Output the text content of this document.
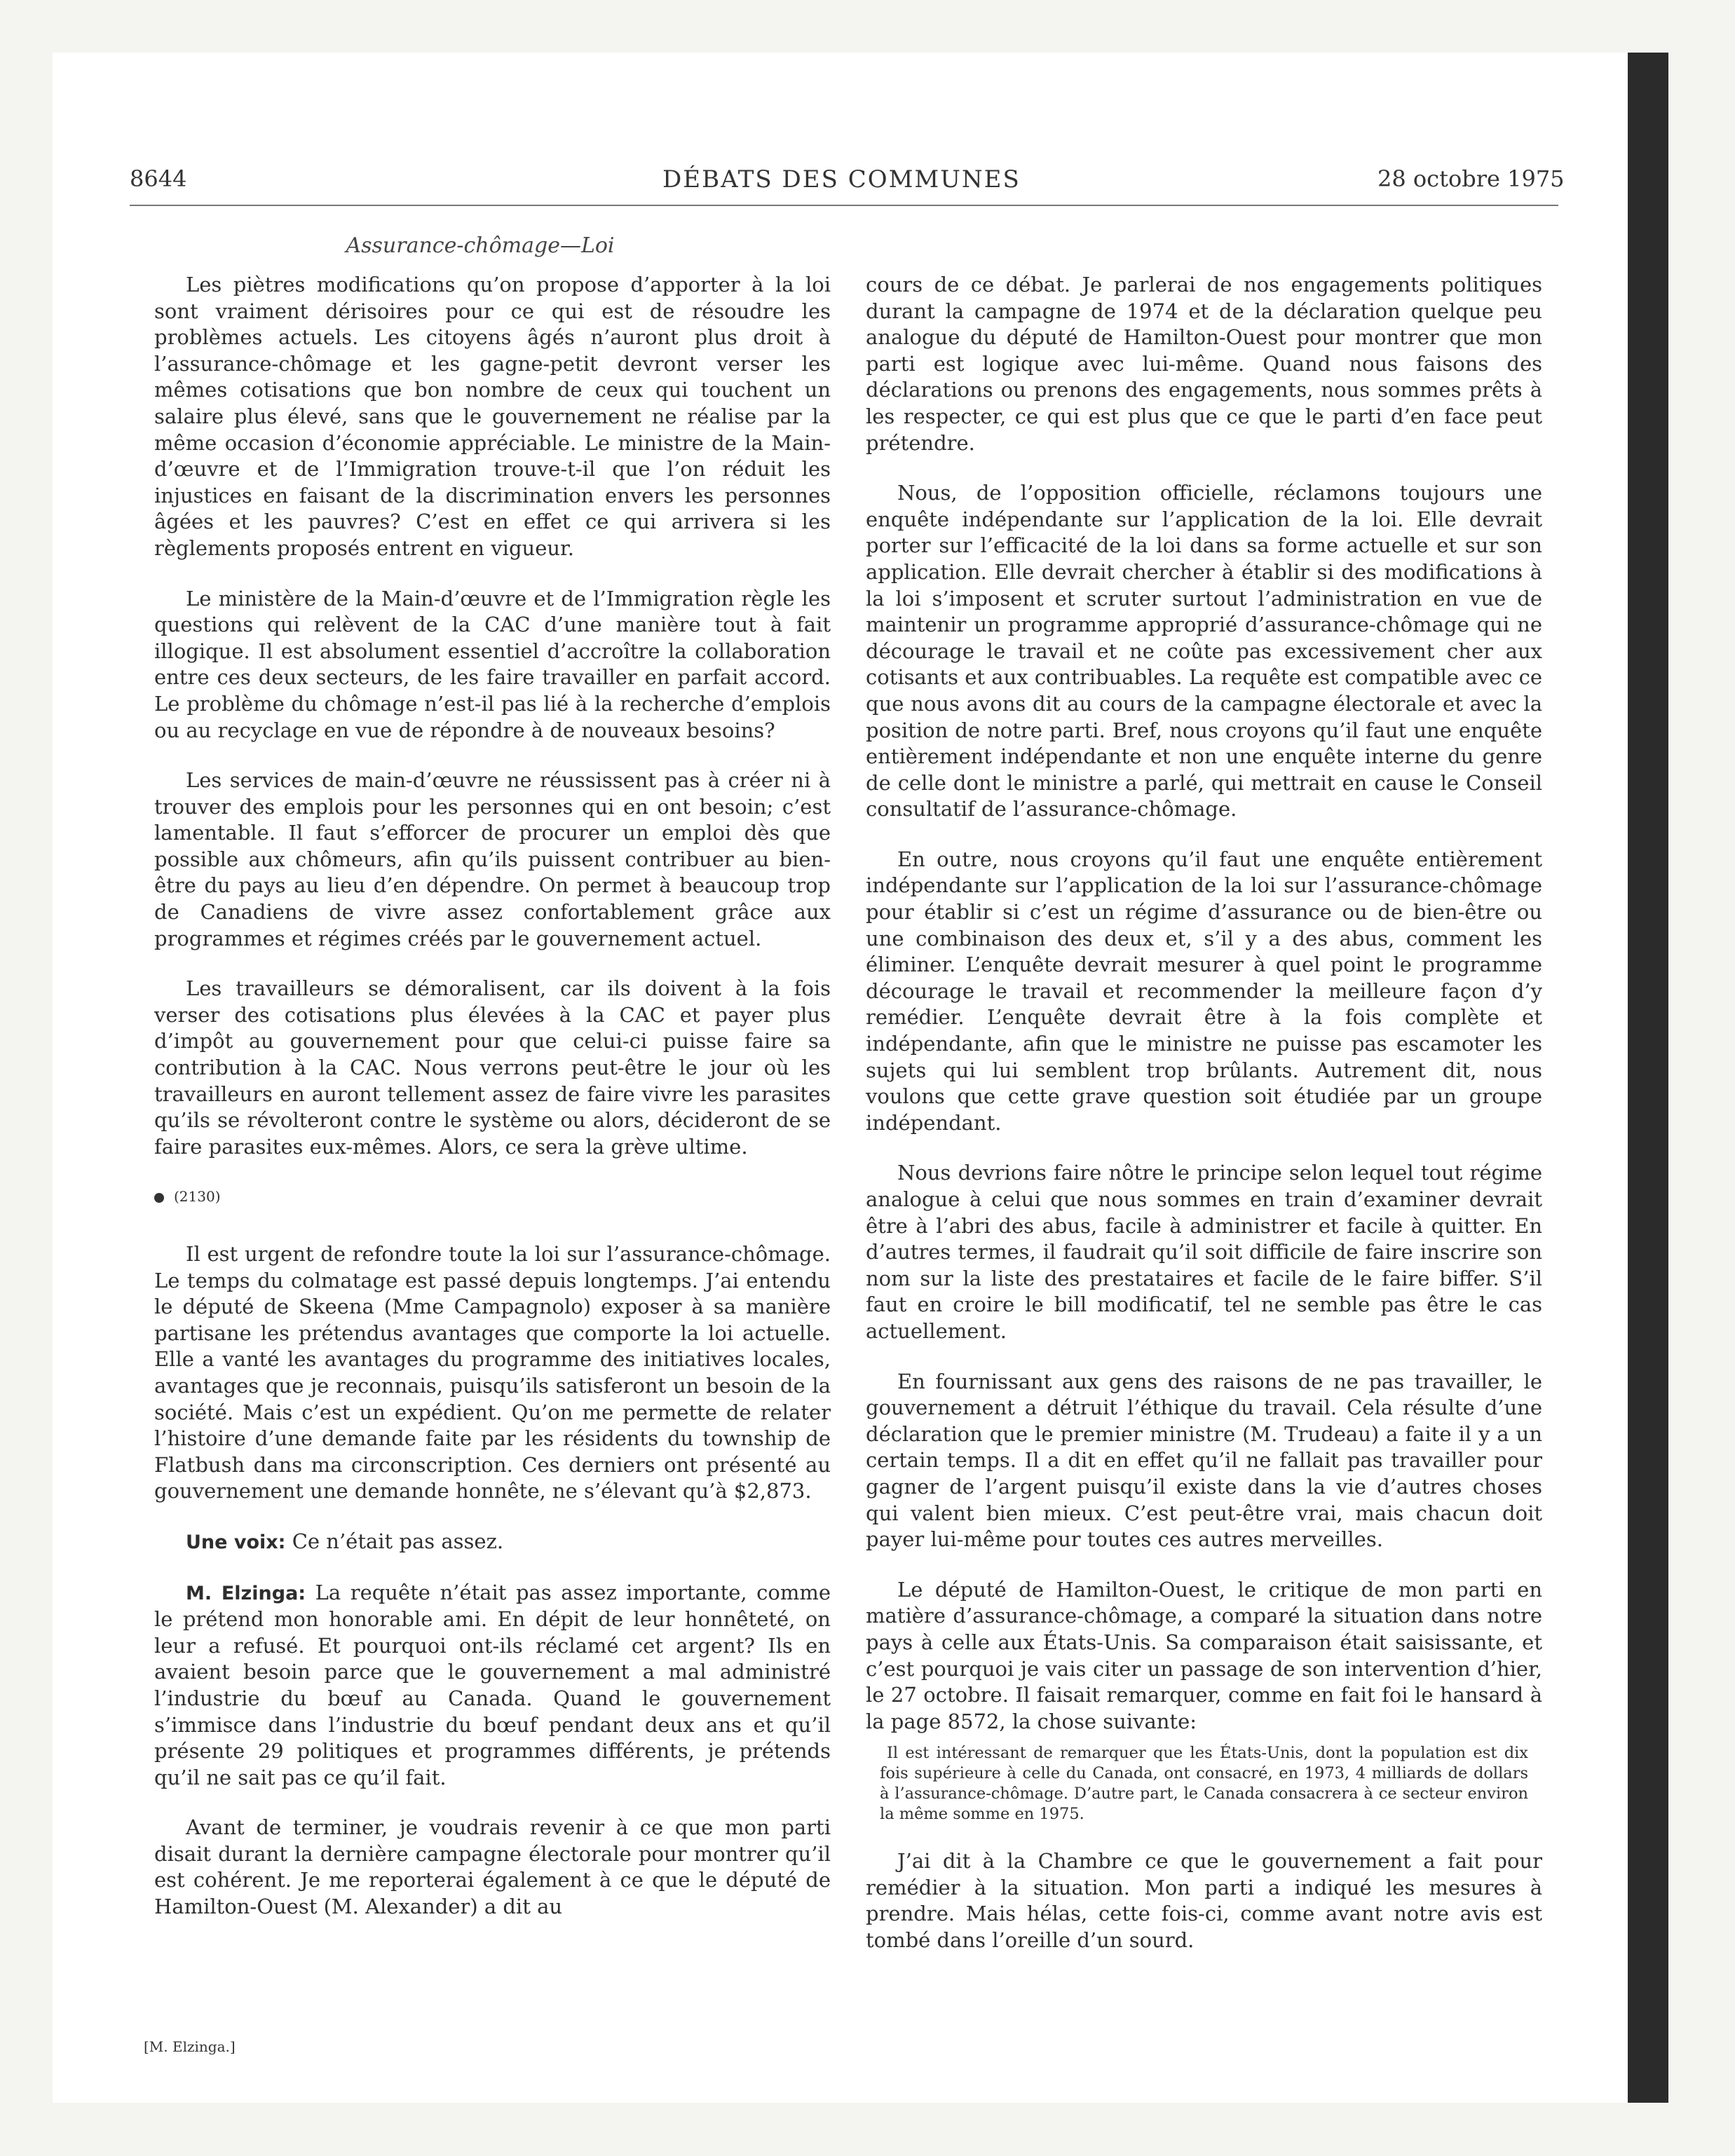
8644	DÉBATS DES COMMUNES	28 octobre 1975
Assurance-chômage—Loi

Les piètres modifications qu’on propose d’apporter à la loi sont vraiment dérisoires pour ce qui est de résoudre les problèmes actuels. Les citoyens âgés n’auront plus droit à l’assurance-chômage et les gagne-petit devront verser les mêmes cotisations que bon nombre de ceux qui touchent un salaire plus élevé, sans que le gouvernement ne réalise par la même occasion d’économie appréciable. Le ministre de la Main-d’œuvre et de l’Immigration trouve-t-il que l’on réduit les injustices en faisant de la discrimination envers les personnes âgées et les pauvres? C’est en effet ce qui arrivera si les règlements proposés entrent en vigueur.

Le ministère de la Main-d’œuvre et de l’Immigration règle les questions qui relèvent de la CAC d’une manière tout à fait illogique. Il est absolument essentiel d’accroître la collaboration entre ces deux secteurs, de les faire travailler en parfait accord. Le problème du chômage n’est-il pas lié à la recherche d’emplois ou au recyclage en vue de répondre à de nouveaux besoins?

Les services de main-d’œuvre ne réussissent pas à créer ni à trouver des emplois pour les personnes qui en ont besoin; c’est lamentable. Il faut s’efforcer de procurer un emploi dès que possible aux chômeurs, afin qu’ils puissent contribuer au bien-être du pays au lieu d’en dépendre. On permet à beaucoup trop de Canadiens de vivre assez confortablement grâce aux programmes et régimes créés par le gouvernement actuel.

Les travailleurs se démoralisent, car ils doivent à la fois verser des cotisations plus élevées à la CAC et payer plus d’impôt au gouvernement pour que celui-ci puisse faire sa contribution à la CAC. Nous verrons peut-être le jour où les travailleurs en auront tellement assez de faire vivre les parasites qu’ils se révolteront contre le système ou alors, décideront de se faire parasites eux-mêmes. Alors, ce sera la grève ultime.

(2130)

Il est urgent de refondre toute la loi sur l’assurance-chômage. Le temps du colmatage est passé depuis longtemps. J’ai entendu le député de Skeena (Mme Campagnolo) exposer à sa manière partisane les prétendus avantages que comporte la loi actuelle. Elle a vanté les avantages du programme des initiatives locales, avantages que je reconnais, puisqu’ils satisferont un besoin de la société. Mais c’est un expédient. Qu’on me permette de relater l’histoire d’une demande faite par les résidents du township de Flatbush dans ma circonscription. Ces derniers ont présenté au gouvernement une demande honnête, ne s’élevant qu’à $2,873.

Une voix: Ce n’était pas assez.

M. Elzinga: La requête n’était pas assez importante, comme le prétend mon honorable ami. En dépit de leur honnêteté, on leur a refusé. Et pourquoi ont-ils réclamé cet argent? Ils en avaient besoin parce que le gouvernement a mal administré l’industrie du bœuf au Canada. Quand le gouvernement s’immisce dans l’industrie du bœuf pendant deux ans et qu’il présente 29 politiques et programmes différents, je prétends qu’il ne sait pas ce qu’il fait.

Avant de terminer, je voudrais revenir à ce que mon parti disait durant la dernière campagne électorale pour montrer qu’il est cohérent. Je me reporterai également à ce que le député de Hamilton-Ouest (M. Alexander) a dit au

[M. Elzinga.]

cours de ce débat. Je parlerai de nos engagements politiques durant la campagne de 1974 et de la déclaration quelque peu analogue du député de Hamilton-Ouest pour montrer que mon parti est logique avec lui-même. Quand nous faisons des déclarations ou prenons des engagements, nous sommes prêts à les respecter, ce qui est plus que ce que le parti d’en face peut prétendre.

Nous, de l’opposition officielle, réclamons toujours une enquête indépendante sur l’application de la loi. Elle devrait porter sur l’efficacité de la loi dans sa forme actuelle et sur son application. Elle devrait chercher à établir si des modifications à la loi s’imposent et scruter surtout l’administration en vue de maintenir un programme approprié d’assurance-chômage qui ne décourage le travail et ne coûte pas excessivement cher aux cotisants et aux contribuables. La requête est compatible avec ce que nous avons dit au cours de la campagne électorale et avec la position de notre parti. Bref, nous croyons qu’il faut une enquête entièrement indépendante et non une enquête interne du genre de celle dont le ministre a parlé, qui mettrait en cause le Conseil consultatif de l’assurance-chômage.

En outre, nous croyons qu’il faut une enquête entièrement indépendante sur l’application de la loi sur l’assurance-chômage pour établir si c’est un régime d’assurance ou de bien-être ou une combinaison des deux et, s’il y a des abus, comment les éliminer. L’enquête devrait mesurer à quel point le programme décourage le travail et recommender la meilleure façon d’y remédier. L’enquête devrait être à la fois complète et indépendante, afin que le ministre ne puisse pas escamoter les sujets qui lui semblent trop brûlants. Autrement dit, nous voulons que cette grave question soit étudiée par un groupe indépendant.

Nous devrions faire nôtre le principe selon lequel tout régime analogue à celui que nous sommes en train d’examiner devrait être à l’abri des abus, facile à administrer et facile à quitter. En d’autres termes, il faudrait qu’il soit difficile de faire inscrire son nom sur la liste des prestataires et facile de le faire biffer. S’il faut en croire le bill modificatif, tel ne semble pas être le cas actuellement.

En fournissant aux gens des raisons de ne pas travailler, le gouvernement a détruit l’éthique du travail. Cela résulte d’une déclaration que le premier ministre (M. Trudeau) a faite il y a un certain temps. Il a dit en effet qu’il ne fallait pas travailler pour gagner de l’argent puisqu’il existe dans la vie d’autres choses qui valent bien mieux. C’est peut-être vrai, mais chacun doit payer lui-même pour toutes ces autres merveilles.

Le député de Hamilton-Ouest, le critique de mon parti en matière d’assurance-chômage, a comparé la situation dans notre pays à celle aux États-Unis. Sa comparaison était saisissante, et c’est pourquoi je vais citer un passage de son intervention d’hier, le 27 octobre. Il faisait remarquer, comme en fait foi le hansard à la page 8572, la chose suivante:

Il est intéressant de remarquer que les États-Unis, dont la population est dix fois supérieure à celle du Canada, ont consacré, en 1973, 4 milliards de dollars à l’assurance-chômage. D’autre part, le Canada consacrera à ce secteur environ la même somme en 1975.

J’ai dit à la Chambre ce que le gouvernement a fait pour remédier à la situation. Mon parti a indiqué les mesures à prendre. Mais hélas, cette fois-ci, comme avant notre avis est tombé dans l’oreille d’un sourd.
